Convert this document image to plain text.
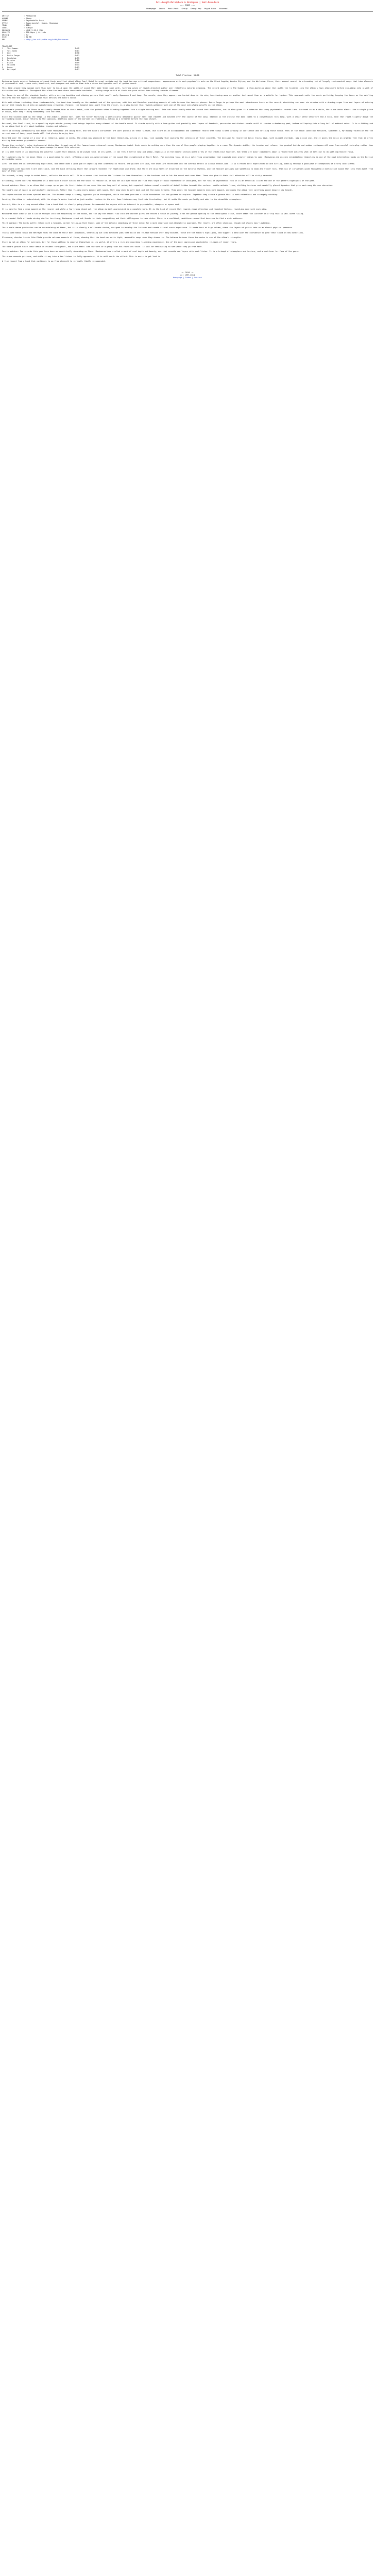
Full-Length-Metal/Rock & Skatepunk | Sekt-Punk-Rock
-=- 1991 -=-
Homepage Index Post-Rock Group Group-Pop Psych-Rock Ethereal
ARTIST	: Mankwaraa
ALBUM	: Stare
GENRE	: Psychedelic Rock
STYLE	: Experimental, Space, Shoegaze
YEAR	: 2014
LABEL	: Sumiya
ENCODED	: LAME 3.99.5 VBR
QUALITY	: 320 kbps / 44.1kHz
ORIGIN	: EU
SIZE	: 92 MB
URL	: http://en.wikipedia.org/wiki/Mankwaraa
TRACKLIST
1	The Summer	3:42
2	Yes Jones	5:01
3	One	4:38
4	Radio Tonga	6:12
5	Pendulum	4:55
6	Forgive	7:20
7	Elate	3:59
8	Skinned	5:44
9	Lunar	6:03
10	Betrayal	8:17
Total Playtime: 55:50

Mankwaraa Leeds quintet Mankwaraa released their excellent debut album Pearl Motel to great acclaim and the band has won critical comparisons, appearances with such psychedelic acts as the Black Angels, Wooden Shjips, and the Warlocks. Stare, their second record, is a brooding set of largely instrumental songs that take elements of psychedelic rock, space rock, krautrock, and shoegaze and combine them into a dense and hypnotic wall of guitar sound.

This time around they manage more than ever to build upon the walls of sound they made their name with, layering waves of reverb-drenched guitar over relentless motorik drumming. The record opens with The Summer, a slow-building piece that pulls the listener into the album's hazy atmosphere before exploding into a wash of distortion and feedback. Throughout the album the band shows remarkable restraint, letting songs unfold at their own pace rather than rushing towards climaxes.

Yes Jones is one of the standout tracks, with a driving bassline and chiming guitars that recall early Spacemen 3 and Loop. The vocals, when they appear, are buried deep in the mix, functioning more as another instrument than as a vehicle for lyrics. This approach suits the music perfectly, keeping the focus on the swirling textures and the hypnotic repetition that defines the band's sound.

With both albums including three instrumentals, the band draw heavily on the ambient end of the spectrum, with One and Pendulum providing moments of calm between the heavier pieces. Radio Tonga is perhaps the most adventurous track on the record, stretching out over six minutes with a droning organ line and layers of echoing guitar that slowly build into an overwhelming crescendo. Forgive, the longest song apart from the closer, is a slow burner that rewards patience with one of the most satisfying payoffs on the album.

Mankwaraa's production on Stare is noticeably denser than on their debut, with the guitars often blending together into a single roaring mass. This can occasionally make the record feel monotonous, but it also gives it a cohesion that many psychedelic records lack. Listened to as a whole, the album works almost like a single piece of music, each song flowing seamlessly into the next.

Elate and Skinned pick up the tempo in the album's second half, with the former featuring a particularly memorable guitar riff that repeats and mutates over the course of the song. Skinned is the closest the band comes to a conventional rock song, with a clear verse structure and a vocal line that rises slightly above the surrounding noise. Lunar returns to the spacious, drifting sound of the earlier instrumentals, acting as a breather before the epic closer.

Betrayal, the final track, is a sprawling eight-minute journey that brings together every element of the band's sound. It starts quietly with a lone guitar and gradually adds layers of feedback, percussion and distant vocals until it reaches a deafening peak, before collapsing into a long tail of ambient noise. It is a fitting end to an album that is all about building tension and release.

There is nothing particularly new about what Mankwaraa are doing here, and the band's influences are worn proudly on their sleeves. But Stare is an accomplished and immersive record that shows a band growing in confidence and refining their sound. Fans of the Brian Jonestown Massacre, Spacemen 3, My Bloody Valentine and the current wave of heavy psych bands will find plenty to enjoy here.

Recorded over the course of a year in a rehearsal space in Leeds, the album was produced by the band themselves, giving it a raw, live quality that captures the intensity of their concerts. The decision to record the basic tracks live, with minimal overdubs, was a wise one, and it gives the music an organic feel that is often missing from modern psychedelic records.

Though they certainly enjoy instrumental distortion through use of the famous Leeds rehearsal venue, Mankwaraa insist their music is nothing more than the sum of five people playing together in a room. The dynamic shifts, the tension and release, the gradual builds and sudden collapses all come from careful interplay rather than studio trickery. Few bands in the genre manage to sound this cohesive.

At its best Stare is an absorbing and powerful listen that demands to be played loud. At its worst, it can feel a little long and samey, especially in the middle section where a few of the tracks blur together. But these are minor complaints about a record that achieves what it sets out to do with impressive focus.

For listeners new to the band, Stare is a good place to start, offering a more polished version of the sound they established on Pearl Motel. For existing fans, it is a satisfying progression that suggests even greater things to come. Mankwaraa are quickly establishing themselves as one of the most interesting bands on the British psychedelic scene.

Live, the band are an overwhelming experience, and Stare does a good job of capturing that intensity on record. The guitars are loud, the drums are relentless and the overall effect is almost trance-like. It is a record best experienced in one sitting, ideally through a good pair of headphones or a very loud stereo.

Comparisons with Spacemen 3 are inevitable, and the band certainly share that group's fondness for repetition and drone. But there are also hints of krautrock in the motorik rhythms, and the heavier passages owe something to doom and stoner rock. This mix of influences gives Mankwaraa a distinctive sound that sets them apart from many of their peers.

The artwork, a hazy image in muted tones, reflects the music well. It is a record that invites the listener to lose themselves in its textures and to let the sound wash over them. Those who give it their full attention will be richly rewarded.

Ultimately, Stare confirms Mankwaraa as a band with a clear vision and the skill to realise it. It may not win over those who find this style of music repetitive or indulgent, but for fans of psychedelic rock it is an essential listen and one of the genre's highlights of the year.

Second opinion: Stare is an album that creeps up on you. On first listen it can seem like one long wall of noise, but repeated listens reveal a wealth of detail hidden beneath the surface: subtle melodic lines, shifting textures and carefully placed dynamics that give each song its own character.

The band's use of space is particularly impressive. Rather than filling every moment with sound, they know when to pull back and let the music breathe. This gives the heavier moments even more impact, and makes the album feel carefully paced despite its length.

The rhythm section deserves special mention. The drummer keeps a steady, hypnotic pulse throughout, while the bass provides a solid foundation for the guitars to explore. Together they create a groove that is both relentless and strangely soothing.

Vocally, the album is understated, with the singer's voice treated as just another texture in the mix. Some listeners may find this frustrating, but it suits the music perfectly and adds to the dreamlike atmosphere.

Overall, this is a strong second album from a band that is clearly going places. Recommended for anyone with an interest in psychedelic, shoegaze or space rock.

It is hard to find a weak moment on the record, and while a few tracks stand out, the album is best appreciated as a complete work. It is the kind of record that rewards close attention and repeated listens, revealing more with each play.

Mankwaraa have clearly put a lot of thought into the sequencing of the album, and the way the tracks flow into one another gives the record a sense of journey. From the gentle opening to the cataclysmic close, Stare takes the listener on a trip that is well worth taking.

In a crowded field of bands mining similar territory, Mankwaraa stand out thanks to their songwriting and their willingness to take risks. Stare is a confident, ambitious record that deserves to find a wide audience.

Third opinion: The Leeds outfit return with a heavier, darker follow-up that trades some of the melodic immediacy of their debut for a more immersive and atmospheric approach. The results are often stunning, though not always easy listening.

The album's dense production can be overwhelming at times, but it is clearly a deliberate choice, designed to envelop the listener and create a total sonic experience. It works best at high volume, where the layers of guitar take on an almost physical presence.

Tracks like Radio Tonga and Betrayal show the band at their most ambitious, stretching out into extended jams that build and release tension over many minutes. These are the album's highlights, and suggest a band with the confidence to push their sound in new directions.

Elsewhere, shorter tracks like Elate provide welcome moments of focus, showing that the band can write tight, memorable songs when they choose to. The balance between these two modes is one of the album's strengths.

Stare is not an album for everyone, but for those willing to immerse themselves in its world, it offers a rich and rewarding listening experience. One of the more impressive psychedelic releases of recent years.

The band's growth since their debut is evident throughout, and Stare feels like the work of a group that has found its voice. It will be fascinating to see where they go from here.

Fourth opinion: Few records this year have been as consistently absorbing as Stare. Mankwaraa have crafted a work of real depth and beauty, one that reveals new layers with each listen. It is a triumph of atmosphere and texture, and a must-hear for fans of the genre.

The album rewards patience, and while it may take a few listens to fully appreciate, it is well worth the effort. This is music to get lost in.

A fine record from a band that continues to go from strength to strength. Highly recommended.

-=- 2014 -=-
(c) 1997-2014
Homepage | Index | Contact
